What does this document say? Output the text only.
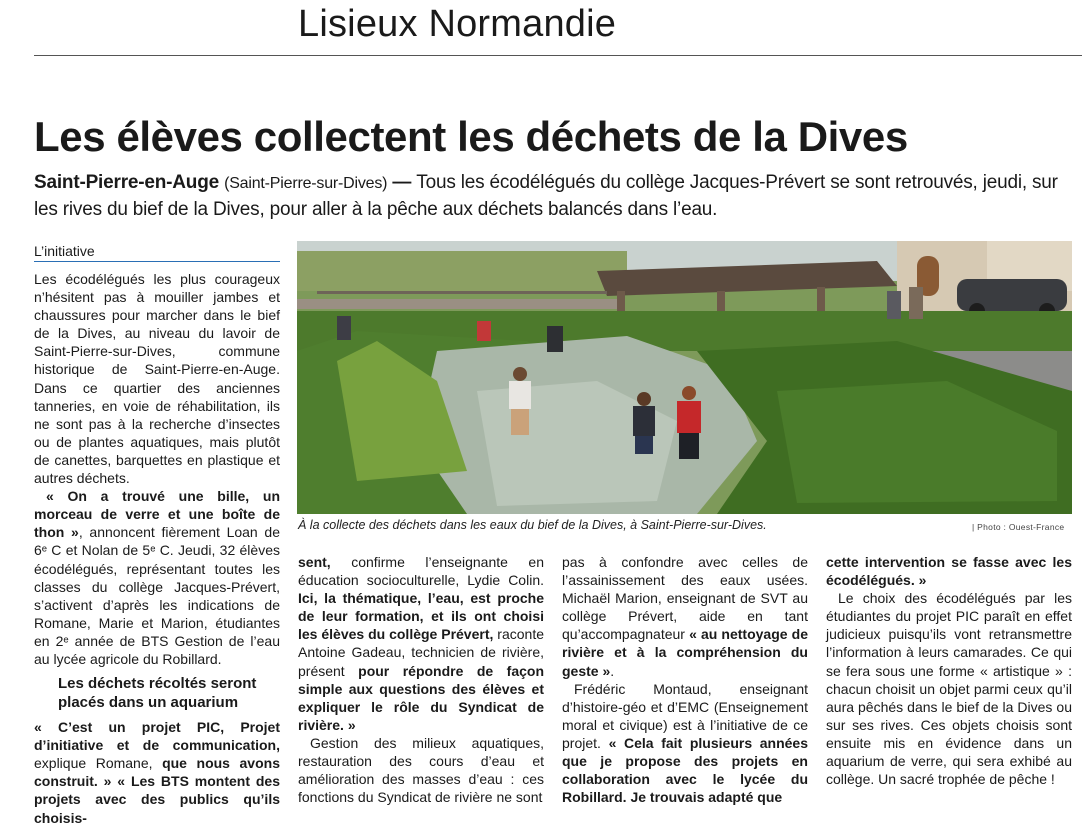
Lisieux Normandie
Les élèves collectent les déchets de la Dives
Saint-Pierre-en-Auge (Saint-Pierre-sur-Dives) — Tous les écodélégués du collège Jacques-Prévert se sont retrouvés, jeudi, sur les rives du bief de la Dives, pour aller à la pêche aux déchets balancés dans l’eau.
L’initiative

Les écodélégués les plus courageux n’hésitent pas à mouiller jambes et chaussures pour marcher dans le bief de la Dives, au niveau du lavoir de Saint-Pierre-sur-Dives, commune historique de Saint-Pierre-en-Auge. Dans ce quartier des anciennes tanneries, en voie de réhabilitation, ils ne sont pas à la recherche d’insectes ou de plantes aquatiques, mais plutôt de canettes, barquettes en plastique et autres déchets.

« On a trouvé une bille, un morceau de verre et une boîte de thon », annoncent fièrement Loan de 6ᵉ C et Nolan de 5ᵉ C. Jeudi, 32 élèves écodélégués, représentant toutes les classes du collège Jacques-Prévert, s’activent d’après les indications de Romane, Marie et Marion, étudiantes en 2ᵉ année de BTS Gestion de l’eau au lycée agricole du Robillard.

Les déchets récoltés seront placés dans un aquarium

« C’est un projet PIC, Projet d’initiative et de communication, explique Romane, que nous avons construit. » « Les BTS montent des projets avec des publics qu’ils choisis-

À la collecte des déchets dans les eaux du bief de la Dives, à Saint-Pierre-sur-Dives.	| Photo : Ouest-France

sent, confirme l’enseignante en éducation socioculturelle, Lydie Colin. Ici, la thématique, l’eau, est proche de leur formation, et ils ont choisi les élèves du collège Prévert, raconte Antoine Gadeau, technicien de rivière, présent pour répondre de façon simple aux questions des élèves et expliquer le rôle du Syndicat de rivière. »

Gestion des milieux aquatiques, restauration des cours d’eau et amélioration des masses d’eau : ces fonctions du Syndicat de rivière ne sont

pas à confondre avec celles de l’assainissement des eaux usées. Michaël Marion, enseignant de SVT au collège Prévert, aide en tant qu’accompagnateur « au nettoyage de rivière et à la compréhension du geste ».

Frédéric Montaud, enseignant d’histoire-géo et d’EMC (Enseignement moral et civique) est à l’initiative de ce projet. « Cela fait plusieurs années que je propose des projets en collaboration avec le lycée du Robillard. Je trouvais adapté que

cette intervention se fasse avec les écodélégués. »

Le choix des écodélégués par les étudiantes du projet PIC paraît en effet judicieux puisqu’ils vont retransmettre l’information à leurs camarades. Ce qui se fera sous une forme « artistique » : chacun choisit un objet parmi ceux qu’il aura pêchés dans le bief de la Dives ou sur ses rives. Ces objets choisis sont ensuite mis en évidence dans un aquarium de verre, qui sera exhibé au collège. Un sacré trophée de pêche !
